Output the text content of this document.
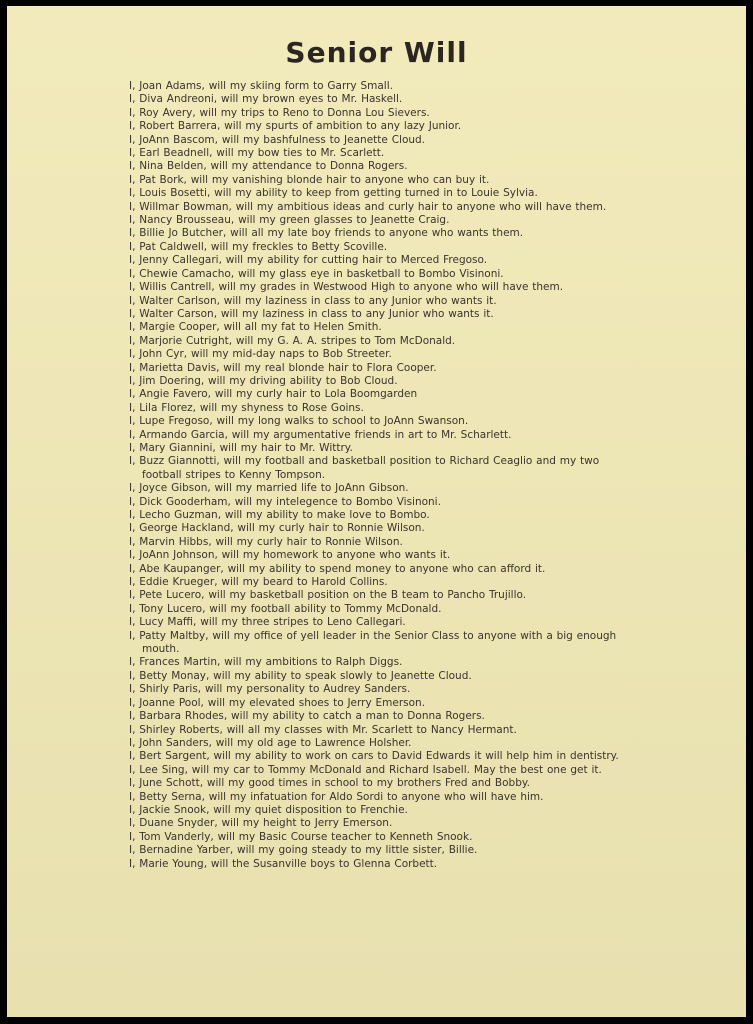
Senior Will
I, Joan Adams, will my skiing form to Garry Small.
I, Diva Andreoni, will my brown eyes to Mr. Haskell.
I, Roy Avery, will my trips to Reno to Donna Lou Sievers.
I, Robert Barrera, will my spurts of ambition to any lazy Junior.
I, JoAnn Bascom, will my bashfulness to Jeanette Cloud.
I, Earl Beadnell, will my bow ties to Mr. Scarlett.
I, Nina Belden, will my attendance to Donna Rogers.
I, Pat Bork, will my vanishing blonde hair to anyone who can buy it.
I, Louis Bosetti, will my ability to keep from getting turned in to Louie Sylvia.
I, Willmar Bowman, will my ambitious ideas and curly hair to anyone who will have them.
I, Nancy Brousseau, will my green glasses to Jeanette Craig.
I, Billie Jo Butcher, will all my late boy friends to anyone who wants them.
I, Pat Caldwell, will my freckles to Betty Scoville.
I, Jenny Callegari, will my ability for cutting hair to Merced Fregoso.
I, Chewie Camacho, will my glass eye in basketball to Bombo Visinoni.
I, Willis Cantrell, will my grades in Westwood High to anyone who will have them.
I, Walter Carlson, will my laziness in class to any Junior who wants it.
I, Walter Carson, will my laziness in class to any Junior who wants it.
I, Margie Cooper, will all my fat to Helen Smith.
I, Marjorie Cutright, will my G. A. A. stripes to Tom McDonald.
I, John Cyr, will my mid-day naps to Bob Streeter.
I, Marietta Davis, will my real blonde hair to Flora Cooper.
I, Jim Doering, will my driving ability to Bob Cloud.
I, Angie Favero, will my curly hair to Lola Boomgarden
I, Lila Florez, will my shyness to Rose Goins.
I, Lupe Fregoso, will my long walks to school to JoAnn Swanson.
I, Armando Garcia, will my argumentative friends in art to Mr. Scharlett.
I, Mary Giannini, will my hair to Mr. Wittry.
I, Buzz Giannotti, will my football and basketball position to Richard Ceaglio and my two football stripes to Kenny Tompson.
I, Joyce Gibson, will my married life to JoAnn Gibson.
I, Dick Gooderham, will my intelegence to Bombo Visinoni.
I, Lecho Guzman, will my ability to make love to Bombo.
I, George Hackland, will my curly hair to Ronnie Wilson.
I, Marvin Hibbs, will my curly hair to Ronnie Wilson.
I, JoAnn Johnson, will my homework to anyone who wants it.
I, Abe Kaupanger, will my ability to spend money to anyone who can afford it.
I, Eddie Krueger, will my beard to Harold Collins.
I, Pete Lucero, will my basketball position on the B team to Pancho Trujillo.
I, Tony Lucero, will my football ability to Tommy McDonald.
I, Lucy Maffi, will my three stripes to Leno Callegari.
I, Patty Maltby, will my office of yell leader in the Senior Class to anyone with a big enough mouth.
I, Frances Martin, will my ambitions to Ralph Diggs.
I, Betty Monay, will my ability to speak slowly to Jeanette Cloud.
I, Shirly Paris, will my personality to Audrey Sanders.
I, Joanne Pool, will my elevated shoes to Jerry Emerson.
I, Barbara Rhodes, will my ability to catch a man to Donna Rogers.
I, Shirley Roberts, will all my classes with Mr. Scarlett to Nancy Hermant.
I, John Sanders, will my old age to Lawrence Holsher.
I, Bert Sargent, will my ability to work on cars to David Edwards it will help him in dentistry.
I, Lee Sing, will my car to Tommy McDonald and Richard Isabell. May the best one get it.
I, June Schott, will my good times in school to my brothers Fred and Bobby.
I, Betty Serna, will my infatuation for Aldo Sordi to anyone who will have him.
I, Jackie Snook, will my quiet disposition to Frenchie.
I, Duane Snyder, will my height to Jerry Emerson.
I, Tom Vanderly, will my Basic Course teacher to Kenneth Snook.
I, Bernadine Yarber, will my going steady to my little sister, Billie.
I, Marie Young, will the Susanville boys to Glenna Corbett.
